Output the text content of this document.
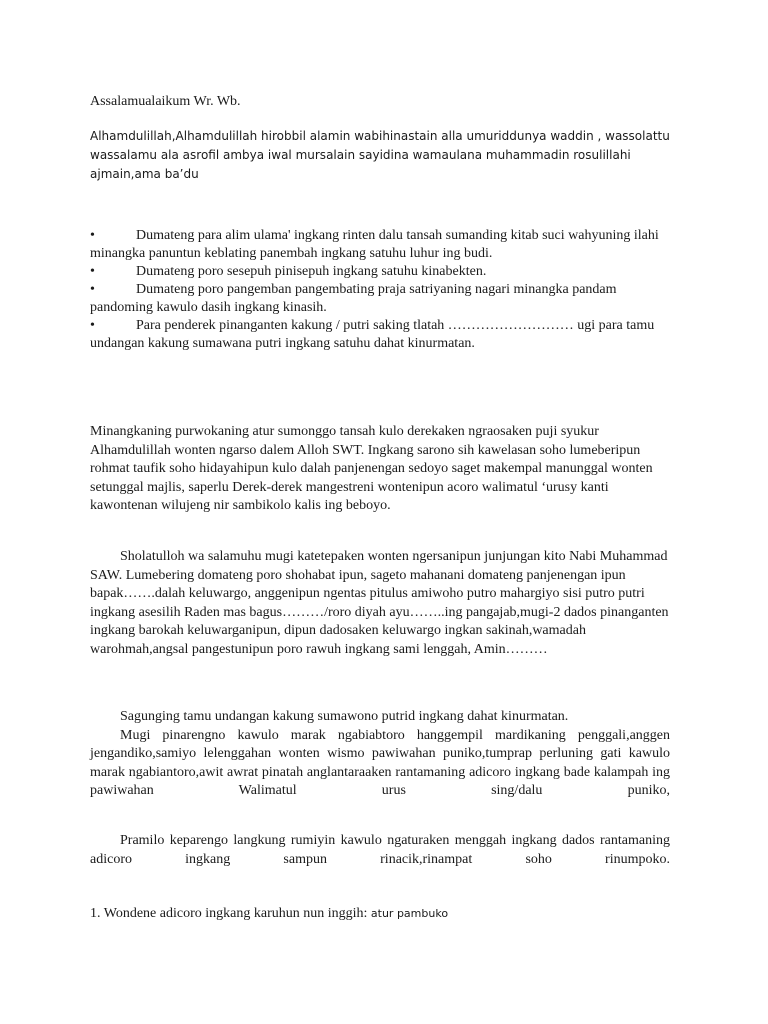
Assalamualaikum Wr. Wb.

Alhamdulillah,Alhamdulillah hirobbil alamin wabihinastain alla umuriddunya waddin , wassolattu wassalamu ala asrofil ambya iwal mursalain sayidina wamaulana muhammadin rosulillahi ajmain,ama ba’du

•	Dumateng para alim ulama' ingkang rinten dalu tansah sumanding kitab suci wahyuning ilahi minangka panuntun keblating panembah ingkang satuhu luhur ing budi.
•	Dumateng poro sesepuh pinisepuh ingkang satuhu kinabekten.
•	Dumateng poro pangemban pangembating praja satriyaning nagari minangka pandam pandoming kawulo dasih ingkang kinasih.
•	Para penderek pinanganten kakung / putri saking tlatah ……………………… ugi para tamu undangan kakung sumawana putri ingkang satuhu dahat kinurmatan.

Minangkaning purwokaning atur sumonggo tansah kulo derekaken ngraosaken puji syukur Alhamdulillah wonten ngarso dalem Alloh SWT. Ingkang sarono sih kawelasan soho lumeberipun rohmat taufik soho hidayahipun kulo dalah panjenengan sedoyo saget makempal manunggal wonten setunggal majlis, saperlu Derek-derek mangestreni wontenipun acoro walimatul ‘urusy kanti kawontenan wilujeng nir sambikolo kalis ing beboyo.

Sholatulloh wa salamuhu mugi katetepaken wonten ngersanipun junjungan kito Nabi Muhammad SAW. Lumebering domateng poro shohabat ipun, sageto mahanani domateng panjenengan ipun bapak…….dalah keluwargo, anggenipun ngentas pitulus amiwoho putro mahargiyo sisi putro putri ingkang asesilih Raden mas bagus………/roro diyah ayu……..ing pangajab,mugi-2 dados pinanganten ingkang barokah keluwarganipun, dipun dadosaken keluwargo ingkan sakinah,wamadah warohmah,angsal pangestunipun poro rawuh ingkang sami lenggah, Amin………

Sagunging tamu undangan kakung sumawono putrid ingkang dahat kinurmatan.
Mugi pinarengno kawulo marak ngabiabtoro hanggempil mardikaning penggali,anggen jengandiko,samiyo lelenggahan wonten wismo pawiwahan puniko,tumprap perluning gati kawulo marak ngabiantoro,awit awrat pinatah anglantaraaken rantamaning adicoro ingkang bade kalampah ing pawiwahan Walimatul urus sing/dalu puniko,

Pramilo keparengo langkung rumiyin kawulo ngaturaken menggah ingkang dados rantamaning adicoro ingkang sampun rinacik,rinampat soho rinumpoko.

1. Wondene adicoro ingkang karuhun nun inggih: atur pambuko
